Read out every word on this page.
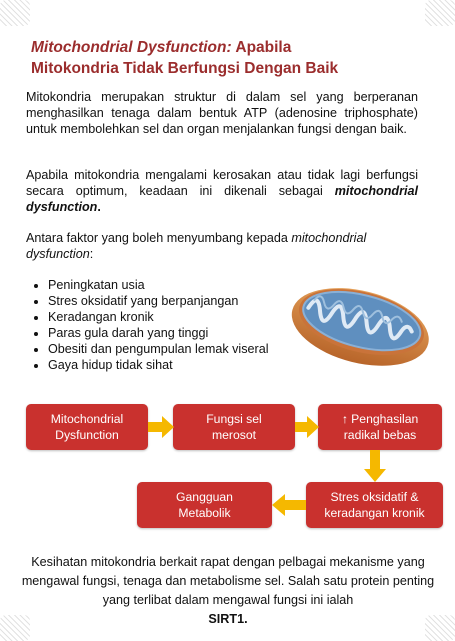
Mitochondrial Dysfunction: Apabila
Mitokondria Tidak Berfungsi Dengan Baik

Mitokondria merupakan struktur di dalam sel yang berperanan menghasilkan tenaga dalam bentuk ATP (adenosine triphosphate) untuk membolehkan sel dan organ menjalankan fungsi dengan baik.

Apabila mitokondria mengalami kerosakan atau tidak lagi berfungsi secara optimum, keadaan ini dikenali sebagai mitochondrial dysfunction.

Antara faktor yang boleh menyumbang kepada mitochondrial dysfunction:

• Peningkatan usia
• Stres oksidatif yang berpanjangan
• Keradangan kronik
• Paras gula darah yang tinggi
• Obesiti dan pengumpulan lemak viseral
• Gaya hidup tidak sihat
Mitochondrial
Dysfunction
Fungsi sel
merosot
↑ Penghasilan
radikal bebas
Stres oksidatif &
keradangan kronik
Gangguan
Metabolik

Kesihatan mitokondria berkait rapat dengan pelbagai mekanisme yang mengawal fungsi, tenaga dan metabolisme sel. Salah satu protein penting yang terlibat dalam mengawal fungsi ini ialah
SIRT1.
